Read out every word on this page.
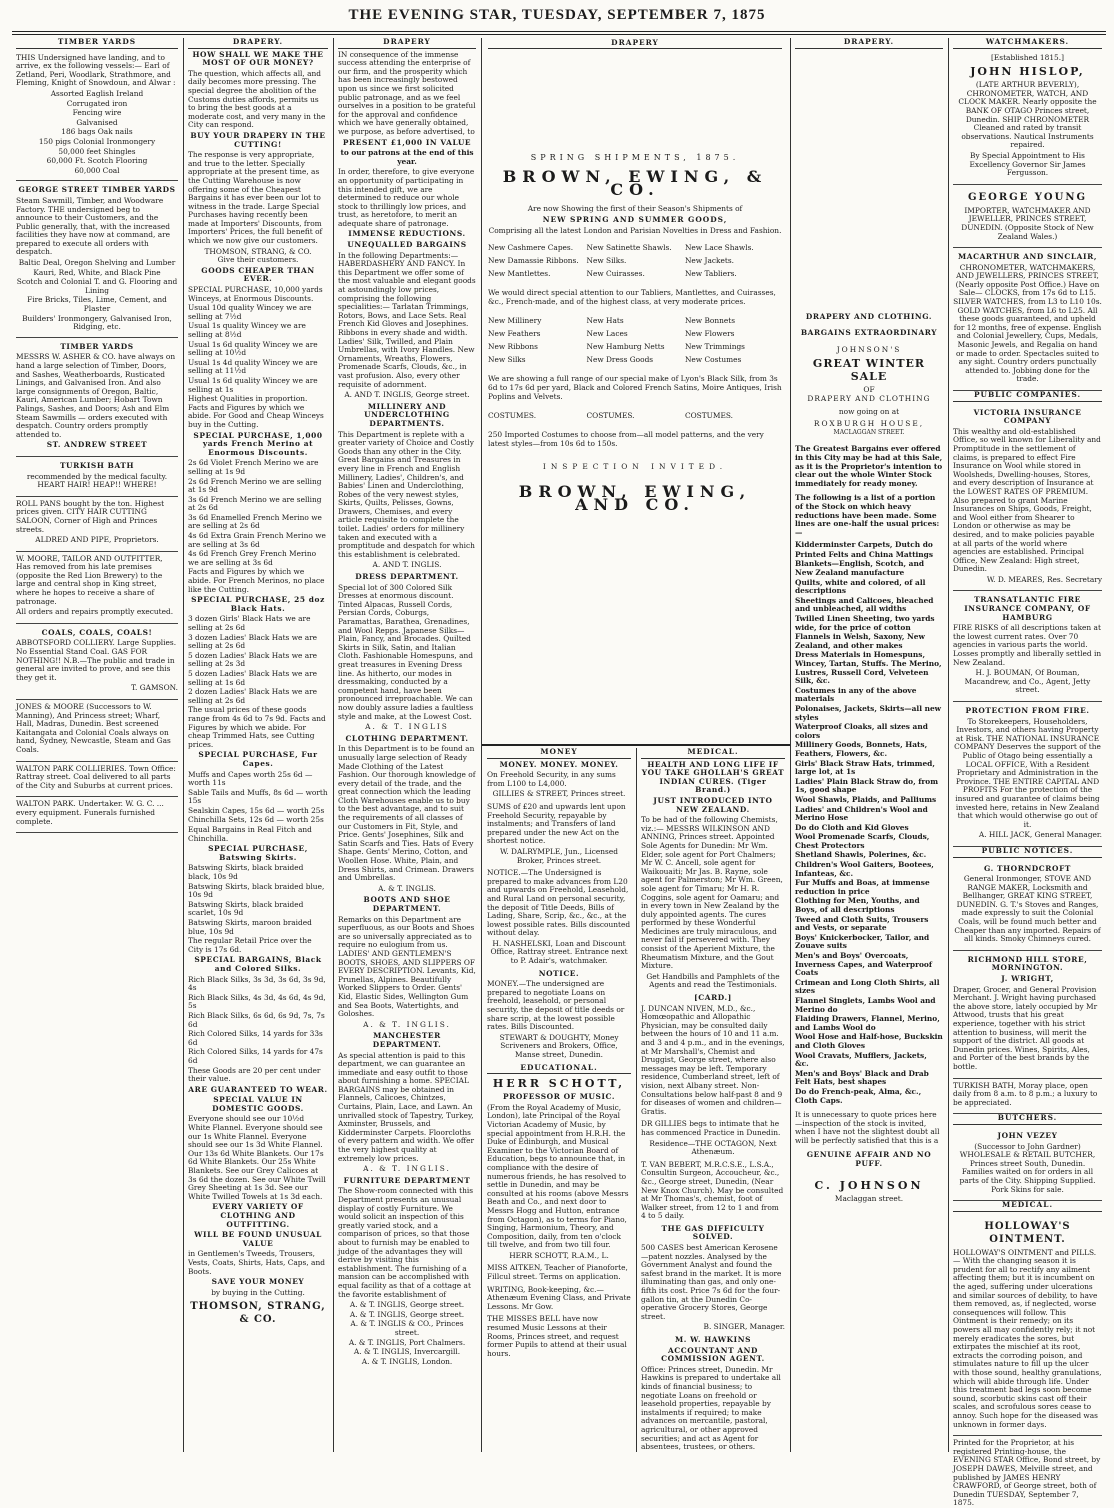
THE EVENING STAR, TUESDAY, SEPTEMBER 7, 1875
TIMBER YARDS

THIS Undersigned have landing, and to arrive, ex the following vessels:— Earl of Zetland, Peri, Woodlark, Strathmore, and Fleming, Knight of Snowdoun, and Alwar :

Assorted Eaglish Ireland
Corrugated iron
Fencing wire
Galvanised
186 bags Oak nails
150 pigs Colonial Ironmongery
50,000 feet Shingles
60,000 Ft. Scotch Flooring
60,000 Coal
GEORGE STREET TIMBER YARDS

Steam Sawmill, Timber, and Woodware Factory. THE undersigned beg to announce to their Customers, and the Public generally, that, with the increased facilities they have now at command, are prepared to execute all orders with despatch.

Baltic Deal, Oregon Shelving and Lumber
Kauri, Red, White, and Black Pine
Scotch and Colonial T. and G. Flooring and Lining
Fire Bricks, Tiles, Lime, Cement, and Plaster
Builders' Ironmongery, Galvanised Iron, Ridging, etc.
TIMBER YARDS

MESSRS W. ASHER & CO. have always on hand a large selection of Timber, Doors, and Sashes, Weatherboards, Rusticated Linings, and Galvanised Iron. And also large consignments of Oregon, Baltic, Kauri, American Lumber; Hobart Town Palings, Sashes, and Doors; Ash and Elm Steam Sawmills — orders executed with despatch. Country orders promptly attended to.

ST. ANDREW STREET
TURKISH BATH

recommended by the medical faculty. HEART HAIR! HEAP!! WHERE!

ROLL PANS bought by the ton. Highest prices given. CITY HAIR CUTTING SALOON, Corner of High and Princes streets.

ALDRED AND PIPE, Proprietors.

W. MOORE, TAILOR AND OUTFITTER, Has removed from his late premises (opposite the Red Lion Brewery) to the large and central shop in King street, where he hopes to receive a share of patronage.

All orders and repairs promptly executed.

COALS, COALS, COALS!

ABBOTSFORD COLLIERY. Large Supplies. No Essential Stand Coal. GAS FOR NOTHING!! N.B.—The public and trade in general are invited to prove, and see this they get it.

T. GAMSON.

JONES & MOORE (Successors to W. Manning), And Princess street; Wharf, Hall, Madras, Dunedin. Best screened Kaitangata and Colonial Coals always on hand, Sydney, Newcastle, Steam and Gas Coals.

WALTON PARK COLLIERIES. Town Office: Rattray street. Coal delivered to all parts of the City and Suburbs at current prices.

WALTON PARK. Undertaker. W. G. C. ... every equipment. Funerals furnished complete.

DRAPERY.
HOW SHALL WE MAKE THE MOST OF OUR MONEY?

The question, which affects all, and daily becomes more pressing. The special degree the abolition of the Customs duties affords, permits us to bring the best goods at a moderate cost, and very many in the City can respond.

BUY YOUR DRAPERY IN THE CUTTING!

The response is very appropriate, and true to the letter. Specially appropriate at the present time, as the Cutting Warehouse is now offering some of the Cheapest Bargains it has ever been our lot to witness in the trade. Large Special Purchases having recently been made at Importers' Discounts, from Importers' Prices, the full benefit of which we now give our customers.

THOMSON, STRANG, & CO.

Give their customers.

GOODS CHEAPER THAN EVER.
SPECIAL PURCHASE, 10,000 yards Winceys, at Enormous Discounts.
Usual 10d quality Wincey we are selling at 7½d
Usual 1s quality Wincey we are selling at 8½d
Usual 1s 6d quality Wincey we are selling at 10½d
Usual 1s 4d quality Wincey we are selling at 11½d
Usual 1s 6d quality Wincey we are selling at 1s

Highest Qualities in proportion. Facts and Figures by which we abide. For Good and Cheap Winceys buy in the Cutting.

SPECIAL PURCHASE, 1,000 yards French Merino at Enormous Discounts.
2s 6d Violet French Merino we are selling at 1s 9d
2s 6d French Merino we are selling at 1s 9d
3s 6d French Merino we are selling at 2s 6d
3s 6d Enamelled French Merino we are selling at 2s 6d
4s 6d Extra Grain French Merino we are selling at 3s 6d
4s 6d French Grey French Merino we are selling at 3s 6d

Facts and Figures by which we abide. For French Merinos, no place like the Cutting.

SPECIAL PURCHASE, 25 doz Black Hats.
3 dozen Girls' Black Hats we are selling at 2s 6d
3 dozen Ladies' Black Hats we are selling at 2s 6d
5 dozen Ladies' Black Hats we are selling at 2s 3d
5 dozen Ladies' Black Hats we are selling at 1s 6d
2 dozen Ladies' Black Hats we are selling at 2s 6d

The usual prices of these goods range from 4s 6d to 7s 9d. Facts and Figures by which we abide. For cheap Trimmed Hats, see Cutting prices.

SPECIAL PURCHASE, Fur Capes.
Muffs and Capes worth 25s 6d — worth 11s
Sable Tails and Muffs, 8s 6d — worth 15s
Sealskin Capes, 15s 6d — worth 25s
Chinchilla Sets, 12s 6d — worth 25s

Equal Bargains in Real Fitch and Chinchilla.

SPECIAL PURCHASE, Batswing Skirts.
Batswing Skirts, black braided black, 10s 9d
Batswing Skirts, black braided blue, 10s 9d
Batswing Skirts, black braided scarlet, 10s 9d
Batswing Skirts, maroon braided blue, 10s 9d

The regular Retail Price over the City is 17s 6d.

SPECIAL BARGAINS, Black and Colored Silks.
Rich Black Silks, 3s 3d, 3s 6d, 3s 9d, 4s
Rich Black Silks, 4s 3d, 4s 6d, 4s 9d, 5s
Rich Black Silks, 6s 6d, 6s 9d, 7s, 7s 6d
Rich Colored Silks, 14 yards for 33s 6d
Rich Colored Silks, 14 yards for 47s 6d

These Goods are 20 per cent under their value.

ARE GUARANTEED TO WEAR.
SPECIAL VALUE IN DOMESTIC GOODS.

Everyone should see our 10½d White Flannel. Everyone should see our 1s White Flannel. Everyone should see our 1s 3d White Flannel. Our 13s 6d White Blankets. Our 17s 6d White Blankets. Our 25s White Blankets. See our Grey Calicoes at 3s 6d the dozen. See our White Twill Grey Sheeting at 1s 3d. See our White Twilled Towels at 1s 3d each.

EVERY VARIETY OF CLOTHING AND OUTFITTING.
WILL BE FOUND UNUSUAL VALUE

in Gentlemen's Tweeds, Trousers, Vests, Coats, Shirts, Hats, Caps, and Boots.

SAVE YOUR MONEY

by buying in the Cutting.

THOMSON, STRANG, & CO.
DRAPERY

IN consequence of the immense success attending the enterprise of our firm, and the prosperity which has been increasingly bestowed upon us since we first solicited public patronage, and as we feel ourselves in a position to be grateful for the approval and confidence which we have generally obtained, we purpose, as before advertised, to

PRESENT £1,000 IN VALUE

to our patrons at the end of this year.

In order, therefore, to give everyone an opportunity of participating in this intended gift, we are determined to reduce our whole stock to thrillingly low prices, and trust, as heretofore, to merit an adequate share of patronage.

IMMENSE REDUCTIONS.
UNEQUALLED BARGAINS

In the following Departments:— HABERDASHERY AND FANCY. In this Department we offer some of the most valuable and elegant goods at astoundingly low prices, comprising the following specialities:— Tarlatan Trimmings, Rotors, Bows, and Lace Sets. Real French Kid Gloves and Josephines. Ribbons in every shade and width. Ladies' Silk, Twilled, and Plain Umbrellas, with Ivory Handles. New Ornaments, Wreaths, Flowers, Promenade Scarfs, Clouds, &c., in vast profusion. Also, every other requisite of adornment.

A. AND T. INGLIS, George street.

MILLINERY AND UNDERCLOTHING DEPARTMENTS.

This Department is replete with a greater variety of Choice and Costly Goods than any other in the City. Great Bargains and Treasures in every line in French and English Millinery, Ladies', Children's, and Babies' Linen and Underclothing, Robes of the very newest styles, Skirts, Quilts, Pelisses, Gowns, Drawers, Chemises, and every article requisite to complete the toilet. Ladies' orders for millinery taken and executed with a promptitude and despatch for which this establishment is celebrated.

A. AND T. INGLIS.

DRESS DEPARTMENT.

Special lot of 300 Colored Silk Dresses at enormous discount. Tinted Alpacas, Russell Cords, Persian Cords, Coburgs, Paramattas, Barathea, Grenadines, and Wool Repps. Japanese Silks—Plain, Fancy, and Brocades. Quilted Skirts in Silk, Satin, and Italian Cloth. Fashionable Homespuns, and great treasures in Evening Dress line. As hitherto, our modes in dressmaking, conducted by a competent hand, have been pronounced irreproachable. We can now doubly assure ladies a faultless style and make, at the Lowest Cost.

A. & T. INGLIS

CLOTHING DEPARTMENT.

In this Department is to be found an unusually large selection of Ready Made Clothing of the Latest Fashion. Our thorough knowledge of every detail of the trade, and the great connection which the leading Cloth Warehouses enable us to buy to the best advantage, and to suit the requirements of all classes of our Customers in Fit, Style, and Price. Gents' Josephines, Silk and Satin Scarfs and Ties. Hats of Every Shape. Gents' Merino, Cotton, and Woollen Hose. White, Plain, and Dress Shirts, and Crimean. Drawers and Umbrellas.

A. & T. INGLIS.

BOOTS AND SHOE DEPARTMENT.

Remarks on this Department are superfluous, as our Boots and Shoes are so universally appreciated as to require no eulogium from us. LADIES' AND GENTLEMEN'S BOOTS, SHOES, AND SLIPPERS OF EVERY DESCRIPTION. Levants, Kid, Prunellas, Alpines. Beautifully Worked Slippers to Order. Gents' Kid, Elastic Sides, Wellington Gum and Sea Boots, Watertights, and Goloshes.

A. & T. INGLIS.

MANCHESTER DEPARTMENT.

As special attention is paid to this department, we can guarantee an immediate and easy outfit to those about furnishing a home. SPECIAL BARGAINS may be obtained in Flannels, Calicoes, Chintzes, Curtains, Plain, Lace, and Lawn. An unrivalled stock of Tapestry, Turkey, Axminster, Brussels, and Kidderminster Carpets. Floorcloths of every pattern and width. We offer the very highest quality at extremely low prices.

A. & T. INGLIS.

FURNITURE DEPARTMENT

The Show-room connected with this Department presents an unusual display of costly Furniture. We would solicit an inspection of this greatly varied stock, and a comparison of prices, so that those about to furnish may be enabled to judge of the advantages they will derive by visiting this establishment. The furnishing of a mansion can be accomplished with equal facility as that of a cottage at the favorite establishment of

A. & T. INGLIS, George street.
A. & T. INGLIS, George street.
A. & T. INGLIS & CO., Princes street.
A. & T. INGLIS, Port Chalmers.
A. & T. INGLIS, Invercargill.
A. & T. INGLIS, London.
DRAPERY
SPRING SHIPMENTS, 1875.
BROWN, EWING, & CO.
Are now Showing the first of their Season's Shipments of
NEW SPRING AND SUMMER GOODS,
Comprising all the latest London and Parisian Novelties in Dress and Fashion.
New Cashmere Capes.	New Satinette Shawls.	New Lace Shawls.
New Damassie Ribbons.	New Silks.	New Jackets.
New Mantlettes.	New Cuirasses.	New Tabliers.

We would direct special attention to our Tabliers, Mantlettes, and Cuirasses, &c., French-made, and of the highest class, at very moderate prices.

New Millinery	New Hats	New Bonnets
New Feathers	New Laces	New Flowers
New Ribbons	New Hamburg Netts	New Trimmings
New Silks	New Dress Goods	New Costumes

We are showing a full range of our special make of Lyon's Black Silk, from 3s 6d to 17s 6d per yard, Black and Colored French Satins, Moire Antiques, Irish Poplins and Velvets.

COSTUMES.	COSTUMES.	COSTUMES.

250 Imported Costumes to choose from—all model patterns, and the very latest styles—from 10s 6d to 150s.

INSPECTION INVITED.
BROWN, EWING, AND CO.
MONEY
MONEY. MONEY. MONEY.

On Freehold Security, in any sums from L100 to L4,000.

GILLIES & STREET, Princes street.

SUMS of £20 and upwards lent upon Freehold Security, repayable by instalments; and Transfers of land prepared under the new Act on the shortest notice.

W. DALRYMPLE, Jun., Licensed Broker, Princes street.

NOTICE.—The Undersigned is prepared to make advances from L20 and upwards on Freehold, Leasehold, and Rural Land on personal security, the deposit of Title Deeds, Bills of Lading, Share, Scrip, &c., &c., at the lowest possible rates. Bills discounted without delay.

H. NASHELSKI, Loan and Discount Office, Rattray street. Entrance next to P. Adair's, watchmaker.

NOTICE.

MONEY.—The undersigned are prepared to negotiate Loans on freehold, leasehold, or personal security, the deposit of title deeds or share scrip, at the lowest possible rates. Bills Discounted.

STEWART & DOUGHTY, Money Scriveners and Brokers, Office, Manse street, Dunedin.

EDUCATIONAL.
HERR SCHOTT,
PROFESSOR OF MUSIC.

(From the Royal Academy of Music, London), late Principal of the Royal Victorian Academy of Music, by special appointment from H.R.H. the Duke of Edinburgh, and Musical Examiner to the Victorian Board of Education, begs to announce that, in compliance with the desire of numerous friends, he has resolved to settle in Dunedin, and may be consulted at his rooms (above Messrs Beath and Co., and next door to Messrs Hogg and Hutton, entrance from Octagon), as to terms for Piano, Singing, Harmonium, Theory, and Composition, daily, from ten o'clock till twelve, and from two till four.

HERR SCHOTT, R.A.M., L.

MISS AITKEN, Teacher of Pianoforte, Fillcul street. Terms on application.

WRITING, Book-keeping, &c.—Athenæum Evening Class, and Private Lessons. Mr Gow.

THE MISSES BELL have now resumed Music Lessons at their Rooms, Princes street, and request former Pupils to attend at their usual hours.

MEDICAL.
HEALTH AND LONG LIFE IF YOU TAKE GHOLLAH'S GREAT INDIAN CURES. (Tiger Brand.)
JUST INTRODUCED INTO NEW ZEALAND.

To be had of the following Chemists, viz.:— MESSRS WILKINSON AND ANNING, Princes street. Appointed Sole Agents for Dunedin: Mr Wm. Elder, sole agent for Port Chalmers; Mr W. C. Ancell, sole agent for Waikouaiti; Mr Jas. B. Rayne, sole agent for Palmerston; Mr Wm. Green, sole agent for Timaru; Mr H. R. Coggins, sole agent for Oamaru; and in every town in New Zealand by the duly appointed agents. The cures performed by these Wonderful Medicines are truly miraculous, and never fail if persevered with. They consist of the Aperient Mixture, the Rheumatism Mixture, and the Gout Mixture.

Get Handbills and Pamphlets of the Agents and read the Testimonials.

[CARD.]

J. DUNCAN NIVEN, M.D., &c., Homœopathic and Allopathic Physician, may be consulted daily between the hours of 10 and 11 a.m. and 3 and 4 p.m., and in the evenings, at Mr Marshall's, Chemist and Druggist, George street, where also messages may be left. Temporary residence, Cumberland street, left of vision, next Albany street. Non-Consultations below half-past 8 and 9 for diseases of women and children—Gratis.

DR GILLIES begs to intimate that he has commenced Practice in Dunedin.

Residence—THE OCTAGON, Next Athenæum.

T. VAN BEBERT, M.R.C.S.E., L.S.A., Consultin Surgeon, Accoucheur, &c., &c., George street, Dunedin, (Near New Knox Church). May be consulted at Mr Thomas's, chemist, foot of Walker street, from 12 to 1 and from 4 to 5 daily.

THE GAS DIFFICULTY SOLVED.

500 CASES best American Kerosene—patent nozzles. Analysed by the Government Analyst and found the safest brand in the market. It is more illuminating than gas, and only one-fifth its cost. Price 7s 6d for the four-gallon tin, at the Dunedin Co-operative Grocery Stores, George street.

B. SINGER, Manager.

M. W. HAWKINS
ACCOUNTANT AND COMMISSION AGENT.

Office: Princes street, Dunedin. Mr Hawkins is prepared to undertake all kinds of financial business; to negotiate Loans on freehold or leasehold properties, repayable by instalments if required; to make advances on mercantile, pastoral, agricultural, or other approved securities; and act as Agent for absentees, trustees, or others.

DRAPERY.
DRAPERY AND CLOTHING.
BARGAINS EXTRAORDINARY
JOHNSON'S
GREAT WINTER SALE
OF
DRAPERY AND CLOTHING
now going on at
ROXBURGH HOUSE,
MACLAGGAN STREET.

The Greatest Bargains ever offered in this City may be had at this Sale, as it is the Proprietor's intention to clear out the whole Winter Stock immediately for ready money.

The following is a list of a portion of the Stock on which heavy reductions have been made. Some lines are one-half the usual prices:—

Kidderminster Carpets, Dutch do
Printed Felts and China Mattings
Blankets—English, Scotch, and New Zealand manufacture
Quilts, white and colored, of all descriptions
Sheetings and Calicoes, bleached and unbleached, all widths
Twilled Linen Sheeting, two yards wide, for the price of cotton
Flannels in Welsh, Saxony, New Zealand, and other makes
Dress Materials in Homespuns, Wincey, Tartan, Stuffs. The Merino, Lustres, Russell Cord, Velveteen Silk, &c.
Costumes in any of the above materials
Polonaises, Jackets, Skirts—all new styles
Waterproof Cloaks, all sizes and colors
Millinery Goods, Bonnets, Hats, Feathers, Flowers, &c.
Girls' Black Straw Hats, trimmed, large lot, at 1s
Ladies' Plain Black Straw do, from 1s, good shape
Wool Shawls, Plaids, and Palliums
Ladies' and Children's Wool and Merino Hose
Do do Cloth and Kid Gloves
Wool Promenade Scarfs, Clouds, Chest Protectors
Shetland Shawls, Polerines, &c.
Children's Wool Gaiters, Bootees, Infanteas, &c.
Fur Muffs and Boas, at immense reduction in price
Clothing for Men, Youths, and Boys, of all descriptions
Tweed and Cloth Suits, Trousers and Vests, or separate
Boys' Knickerbocker, Tailor, and Zouave suits
Men's and Boys' Overcoats, Inverness Capes, and Waterproof Coats
Crimean and Long Cloth Shirts, all sizes
Flannel Singlets, Lambs Wool and Merino do
Flaiding Drawers, Flannel, Merino, and Lambs Wool do
Wool Hose and Half-hose, Buckskin and Cloth Gloves
Wool Cravats, Mufflers, Jackets, &c.
Men's and Boys' Black and Drab Felt Hats, best shapes
Do do French-peak, Alma, &c., Cloth Caps.

It is unnecessary to quote prices here—inspection of the stock is invited, when I have not the slightest doubt all will be perfectly satisfied that this is a

GENUINE AFFAIR AND NO PUFF.
C. JOHNSON
Maclaggan street.
WATCHMAKERS.
[Established 1815.]
JOHN HISLOP,

(LATE ARTHUR BEVERLY), CHRONOMETER, WATCH, AND CLOCK MAKER. Nearly opposite the BANK OF OTAGO Princes street, Dunedin. SHIP CHRONOMETER Cleaned and rated by transit observations. Nautical Instruments repaired.

By Special Appointment to His Excellency Governor Sir James Fergusson.

GEORGE YOUNG

IMPORTER, WATCHMAKER AND JEWELLER, PRINCES STREET, DUNEDIN. (Opposite Stock of New Zealand Wales.)

MACARTHUR AND SINCLAIR,

CHRONOMETER, WATCHMAKERS, AND JEWELLERS, PRINCES STREET, (Nearly opposite Post Office.) Have on Sale— CLOCKS, from 17s 6d to L15. SILVER WATCHES, from L3 to L10 10s. GOLD WATCHES, from L6 to L25. All these goods guaranteed, and upheld for 12 months, free of expense. English and Colonial Jewellery, Cups, Medals, Masonic Jewels, and Regalia on hand or made to order. Spectacles suited to any sight. Country orders punctually attended to. Jobbing done for the trade.

PUBLIC COMPANIES.
VICTORIA INSURANCE COMPANY

This wealthy and old-established Office, so well known for Liberality and Promptitude in the settlement of claims, is prepared to effect Fire Insurance on Wool while stored in Woolsheds, Dwelling-houses, Stores, and every description of Insurance at the LOWEST RATES OF PREMIUM. Also prepared to grant Marine Insurances on Ships, Goods, Freight, and Wool either from Shearer to London or otherwise as may be desired, and to make policies payable at all parts of the world where agencies are established. Principal Office, New Zealand: High street, Dunedin.

W. D. MEARES, Res. Secretary

TRANSATLANTIC FIRE INSURANCE COMPANY, OF HAMBURG

FIRE RISKS of all descriptions taken at the lowest current rates. Over 70 agencies in various parts the world. Losses promptly and liberally settled in New Zealand.

H. J. BOUMAN, Of Bouman, Macandrew, and Co., Agent, Jetty street.

PROTECTION FROM FIRE.

To Storekeepers, Householders, Investors, and others having Property at Risk. THE NATIONAL INSURANCE COMPANY Deserves the support of the Public of Otago being essentially a LOCAL OFFICE, With a Resident Proprietary and Administration in the Province. THE ENTIRE CAPITAL AND PROFITS For the protection of the insured and guarantee of claims being invested here, retains in New Zealand that which would otherwise go out of it.

A. HILL JACK, General Manager.

PUBLIC NOTICES.
G. THORNDCROFT

General Ironmonger, STOVE AND RANGE MAKER, Locksmith and Bellhanger, GREAT KING STREET, DUNEDIN. G. T.'s Stoves and Ranges, made expressly to suit the Colonial Coals, will be found much better and Cheaper than any imported. Repairs of all kinds. Smoky Chimneys cured.

RICHMOND HILL STORE, MORNINGTON.
J. WRIGHT,

Draper, Grocer, and General Provision Merchant. J. Wright having purchased the above store, lately occupied by Mr Attwood, trusts that his great experience, together with his strict attention to business, will merit the support of the district. All goods at Dunedin prices. Wines, Spirits, Ales, and Porter of the best brands by the bottle.

TURKISH BATH, Moray place, open daily from 8 a.m. to 8 p.m.; a luxury to be appreciated.

BUTCHERS.
JOHN VEZEY

(Successor to John Gardner) WHOLESALE & RETAIL BUTCHER, Princes street South, Dunedin. Families waited on for orders in all parts of the City. Shipping Supplied. Pork Skins for sale.

MEDICAL.
HOLLOWAY'S OINTMENT.

HOLLOWAY'S OINTMENT and PILLS. — With the changing season it is prudent for all to rectify any ailment affecting them; but it is incumbent on the aged, suffering under ulcerations and similar sources of debility, to have them removed, as, if neglected, worse consequences will follow. This Ointment is their remedy; on its powers all may confidently rely; it not merely eradicates the sores, but extirpates the mischief at its root, extracts the corroding poison, and stimulates nature to fill up the ulcer with those sound, healthy granulations, which will abide through life. Under this treatment bad legs soon become sound, scorbutic skins cast off their scales, and scrofulous sores cease to annoy. Such hope for the diseased was unknown in former days.

Printed for the Proprietor, at his registered Printing-house, the EVENING STAR Office, Bond street, by JOSEPH DAWES, Melville street, and published by JAMES HENRY CRAWFORD, of George street, both of Dunedin TUESDAY, September 7, 1875.
